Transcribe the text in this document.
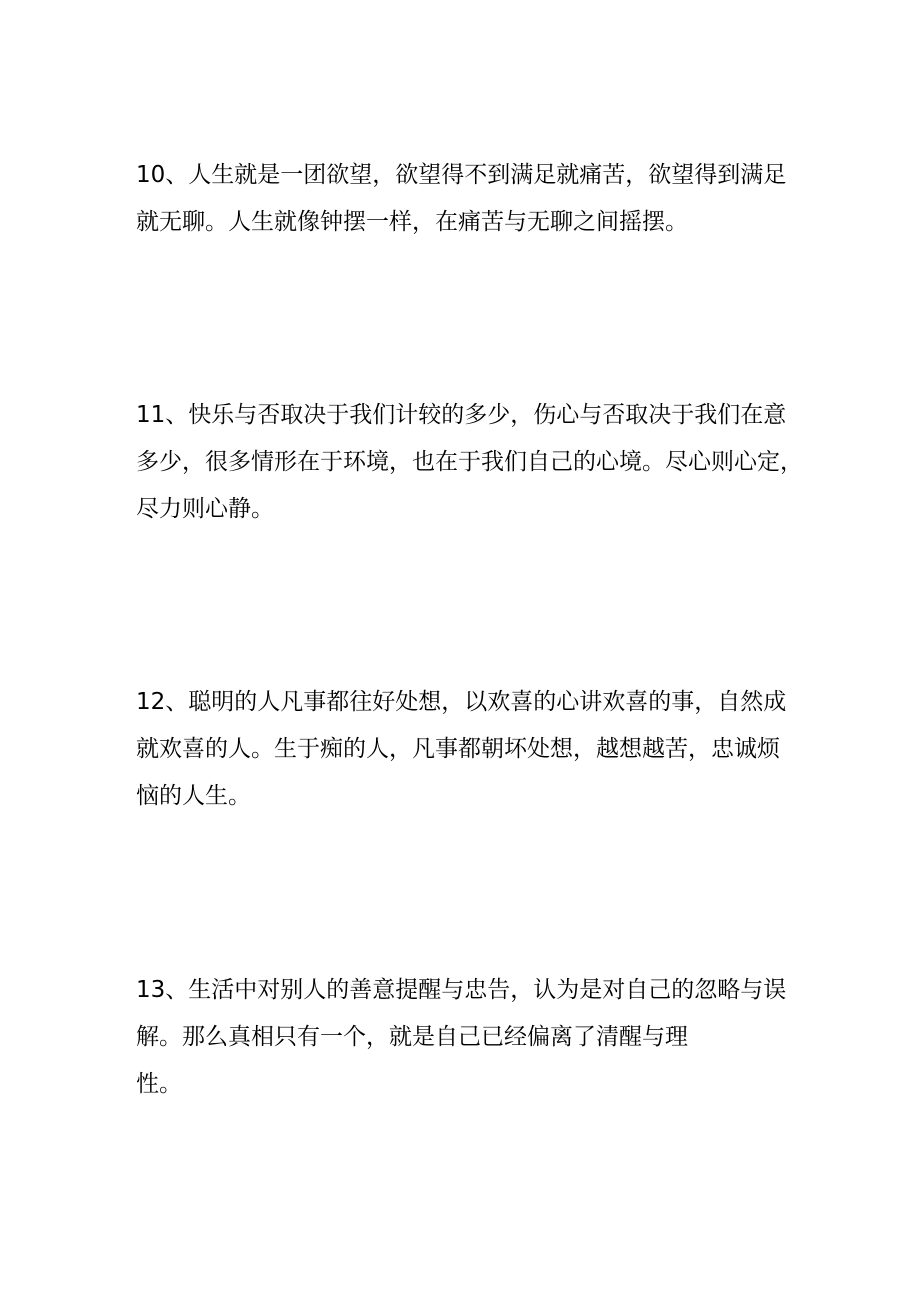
10、人生就是一团欲望，欲望得不到满足就痛苦，欲望得到满足
就无聊。人生就像钟摆一样，在痛苦与无聊之间摇摆。
11、快乐与否取决于我们计较的多少，伤心与否取决于我们在意
多少，很多情形在于环境，也在于我们自己的心境。尽心则心定，
尽力则心静。
12、聪明的人凡事都往好处想，以欢喜的心讲欢喜的事，自然成
就欢喜的人。生于痴的人，凡事都朝坏处想，越想越苦，忠诚烦
恼的人生。
13、生活中对别人的善意提醒与忠告，认为是对自己的忽略与误
解。那么真相只有一个，就是自己已经偏离了清醒与理
性。
